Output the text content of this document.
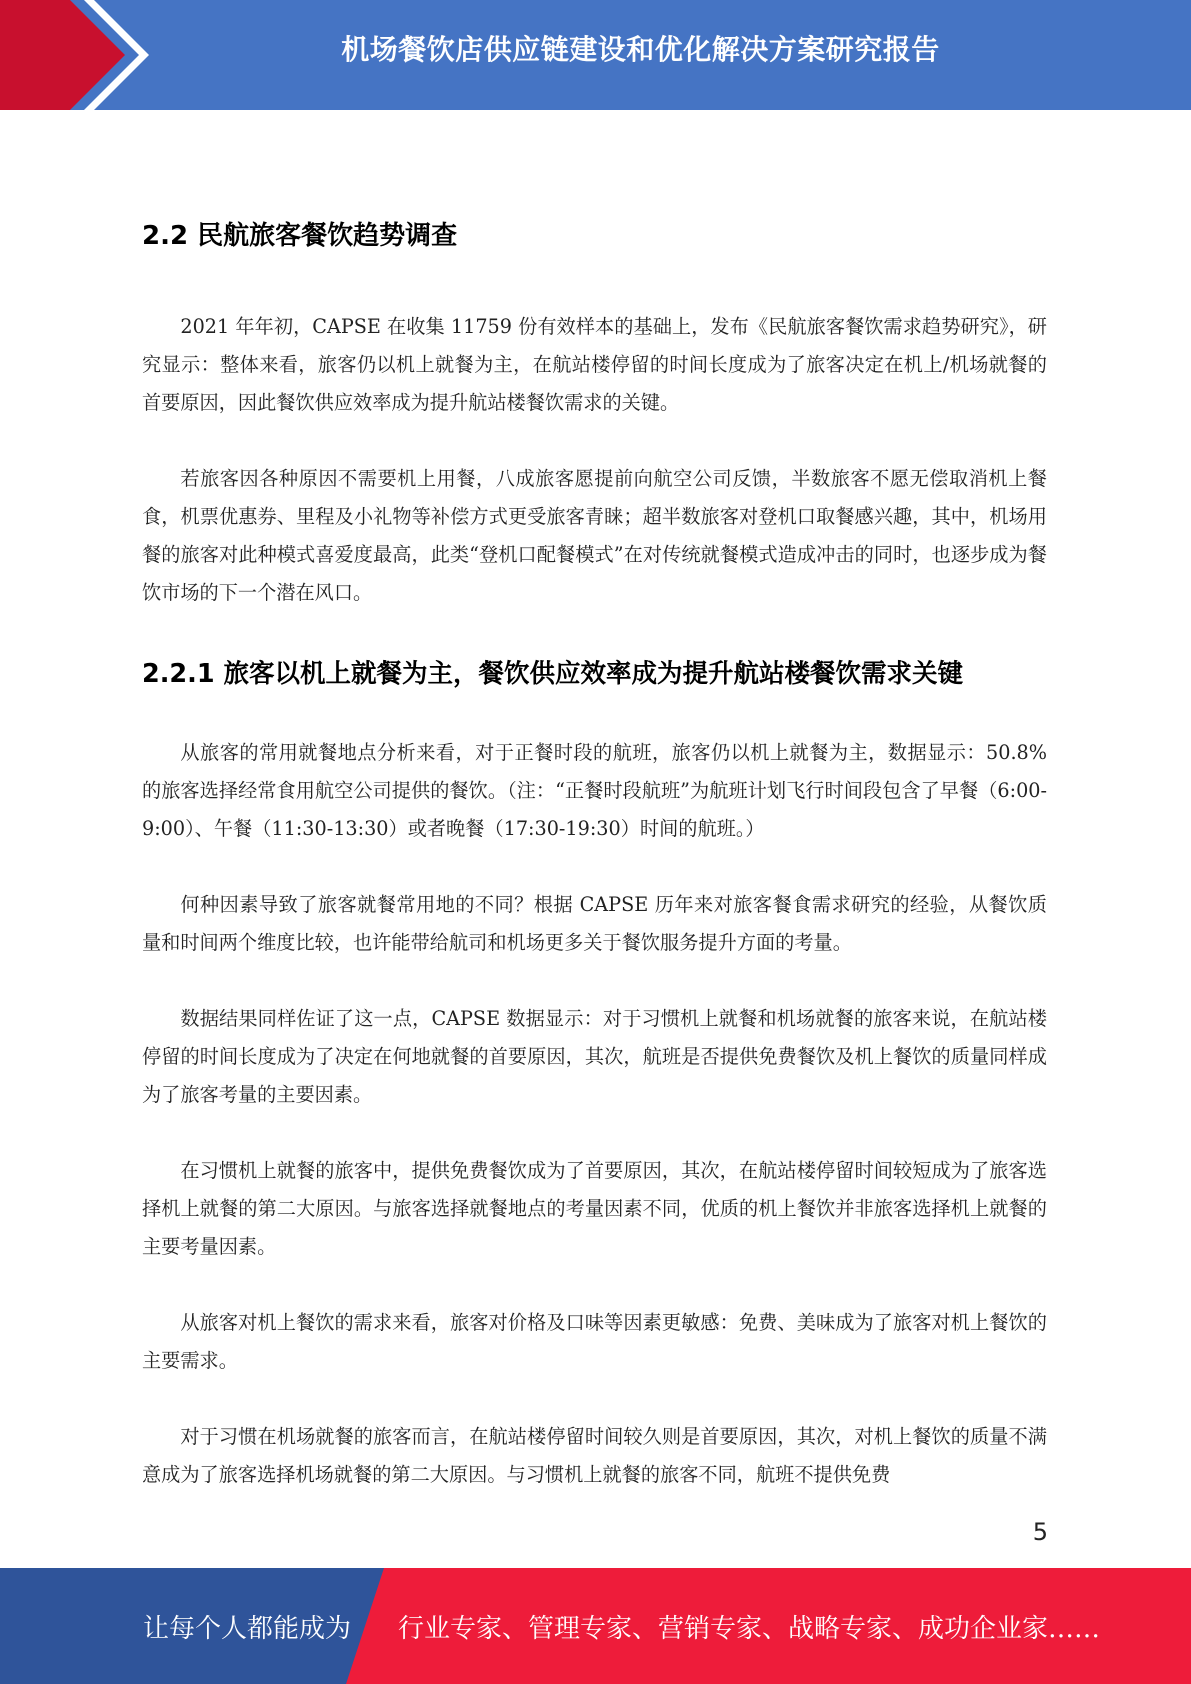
机场餐饮店供应链建设和优化解决方案研究报告
2.2 民航旅客餐饮趋势调查

2021 年年初，CAPSE 在收集 11759 份有效样本的基础上，发布《民航旅客餐饮需求趋势研究》，研究显示：整体来看，旅客仍以机上就餐为主，在航站楼停留的时间长度成为了旅客决定在机上/机场就餐的首要原因，因此餐饮供应效率成为提升航站楼餐饮需求的关键。

若旅客因各种原因不需要机上用餐，八成旅客愿提前向航空公司反馈，半数旅客不愿无偿取消机上餐食，机票优惠券、里程及小礼物等补偿方式更受旅客青睐；超半数旅客对登机口取餐感兴趣，其中，机场用餐的旅客对此种模式喜爱度最高，此类“登机口配餐模式”在对传统就餐模式造成冲击的同时，也逐步成为餐饮市场的下一个潜在风口。

2.2.1 旅客以机上就餐为主，餐饮供应效率成为提升航站楼餐饮需求关键

从旅客的常用就餐地点分析来看，对于正餐时段的航班，旅客仍以机上就餐为主，数据显示：50.8%的旅客选择经常食用航空公司提供的餐饮。（注：“正餐时段航班”为航班计划飞行时间段包含了早餐（6:00-9:00）、午餐（11:30-13:30）或者晚餐（17:30-19:30）时间的航班。）

何种因素导致了旅客就餐常用地的不同？根据 CAPSE 历年来对旅客餐食需求研究的经验，从餐饮质量和时间两个维度比较，也许能带给航司和机场更多关于餐饮服务提升方面的考量。

数据结果同样佐证了这一点，CAPSE 数据显示：对于习惯机上就餐和机场就餐的旅客来说，在航站楼停留的时间长度成为了决定在何地就餐的首要原因，其次，航班是否提供免费餐饮及机上餐饮的质量同样成为了旅客考量的主要因素。

在习惯机上就餐的旅客中，提供免费餐饮成为了首要原因，其次，在航站楼停留时间较短成为了旅客选择机上就餐的第二大原因。与旅客选择就餐地点的考量因素不同，优质的机上餐饮并非旅客选择机上就餐的主要考量因素。

从旅客对机上餐饮的需求来看，旅客对价格及口味等因素更敏感：免费、美味成为了旅客对机上餐饮的主要需求。

对于习惯在机场就餐的旅客而言，在航站楼停留时间较久则是首要原因，其次，对机上餐饮的质量不满意成为了旅客选择机场就餐的第二大原因。与习惯机上就餐的旅客不同，航班不提供免费

5
让每个人都能成为 行业专家、管理专家、营销专家、战略专家、成功企业家……
